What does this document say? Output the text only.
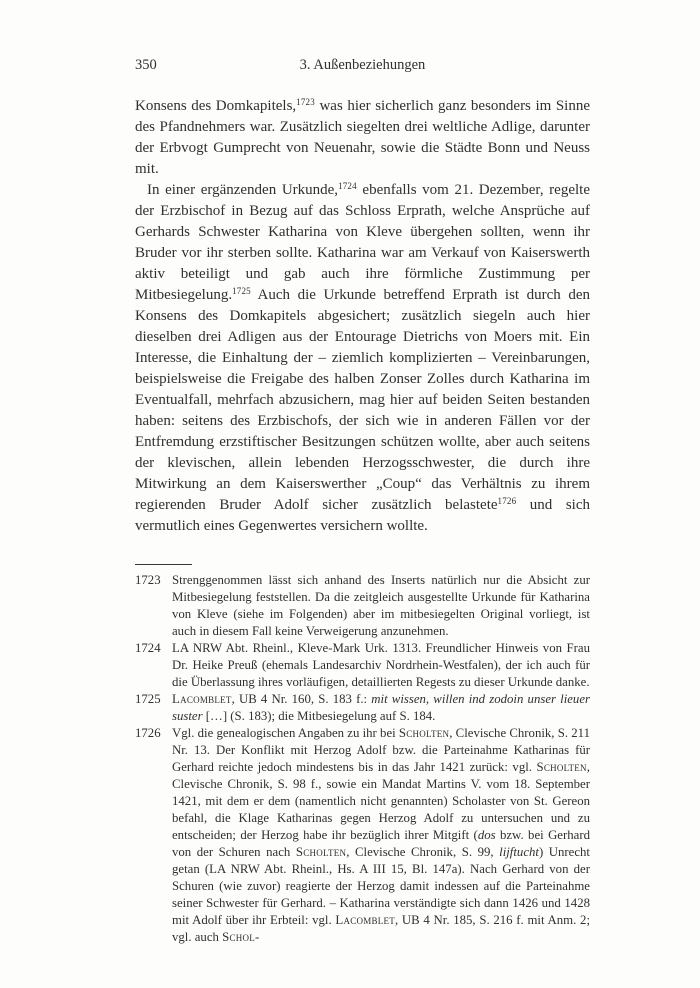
350	3. Außenbeziehungen

Konsens des Domkapitels,$^{1723}$ was hier sicherlich ganz besonders im Sinne des Pfandnehmers war. Zusätzlich siegelten drei weltliche Adlige, darunter der Erbvogt Gumprecht von Neuenahr, sowie die Städte Bonn und Neuss mit.

In einer ergänzenden Urkunde,$^{1724}$ ebenfalls vom 21. Dezember, regelte der Erzbischof in Bezug auf das Schloss Erprath, welche Ansprüche auf Gerhards Schwester Katharina von Kleve übergehen sollten, wenn ihr Bruder vor ihr sterben sollte. Katharina war am Verkauf von Kaiserswerth aktiv beteiligt und gab auch ihre förmliche Zustimmung per Mitbesiegelung.$^{1725}$ Auch die Urkunde betreffend Erprath ist durch den Konsens des Domkapitels abgesichert; zusätzlich siegeln auch hier dieselben drei Adligen aus der Entourage Dietrichs von Moers mit. Ein Interesse, die Einhaltung der – ziemlich komplizierten – Vereinbarungen, beispielsweise die Freigabe des halben Zonser Zolles durch Katharina im Eventualfall, mehrfach abzusichern, mag hier auf beiden Seiten bestanden haben: seitens des Erzbischofs, der sich wie in anderen Fällen vor der Entfremdung erzstiftischer Besitzungen schützen wollte, aber auch seitens der klevischen, allein lebenden Herzogsschwester, die durch ihre Mitwirkung an dem Kaiserswerther „Coup“ das Verhältnis zu ihrem regierenden Bruder Adolf sicher zusätzlich belastete$^{1726}$ und sich vermutlich eines Gegenwertes versichern wollte.

1723 Strenggenommen lässt sich anhand des Inserts natürlich nur die Absicht zur Mitbesiegelung feststellen. Da die zeitgleich ausgestellte Urkunde für Katharina von Kleve (siehe im Folgenden) aber im mitbesiegelten Original vorliegt, ist auch in diesem Fall keine Verweigerung anzunehmen.
1724 LA NRW Abt. Rheinl., Kleve-Mark Urk. 1313. Freundlicher Hinweis von Frau Dr. Heike Preuß (ehemals Landesarchiv Nordrhein-Westfalen), der ich auch für die Überlassung ihres vorläufigen, detaillierten Regests zu dieser Urkunde danke.
1725 Lacomblet, UB 4 Nr. 160, S. 183 f.: mit wissen, willen ind zodoin unser lieuer suster […] (S. 183); die Mitbesiegelung auf S. 184.
1726 Vgl. die genealogischen Angaben zu ihr bei Scholten, Clevische Chronik, S. 211 Nr. 13. Der Konflikt mit Herzog Adolf bzw. die Parteinahme Katharinas für Gerhard reichte jedoch mindestens bis in das Jahr 1421 zurück: vgl. Scholten, Clevische Chronik, S. 98 f., sowie ein Mandat Martins V. vom 18. September 1421, mit dem er dem (namentlich nicht genannten) Scholaster von St. Gereon befahl, die Klage Katharinas gegen Herzog Adolf zu untersuchen und zu entscheiden; der Herzog habe ihr bezüglich ihrer Mitgift (dos bzw. bei Gerhard von der Schuren nach Scholten, Clevische Chronik, S. 99, lijftucht) Unrecht getan (LA NRW Abt. Rheinl., Hs. A III 15, Bl. 147a). Nach Gerhard von der Schuren (wie zuvor) reagierte der Herzog damit indessen auf die Parteinahme seiner Schwester für Gerhard. – Katharina verständigte sich dann 1426 und 1428 mit Adolf über ihr Erbteil: vgl. Lacomblet, UB 4 Nr. 185, S. 216 f. mit Anm. 2; vgl. auch Schol-
